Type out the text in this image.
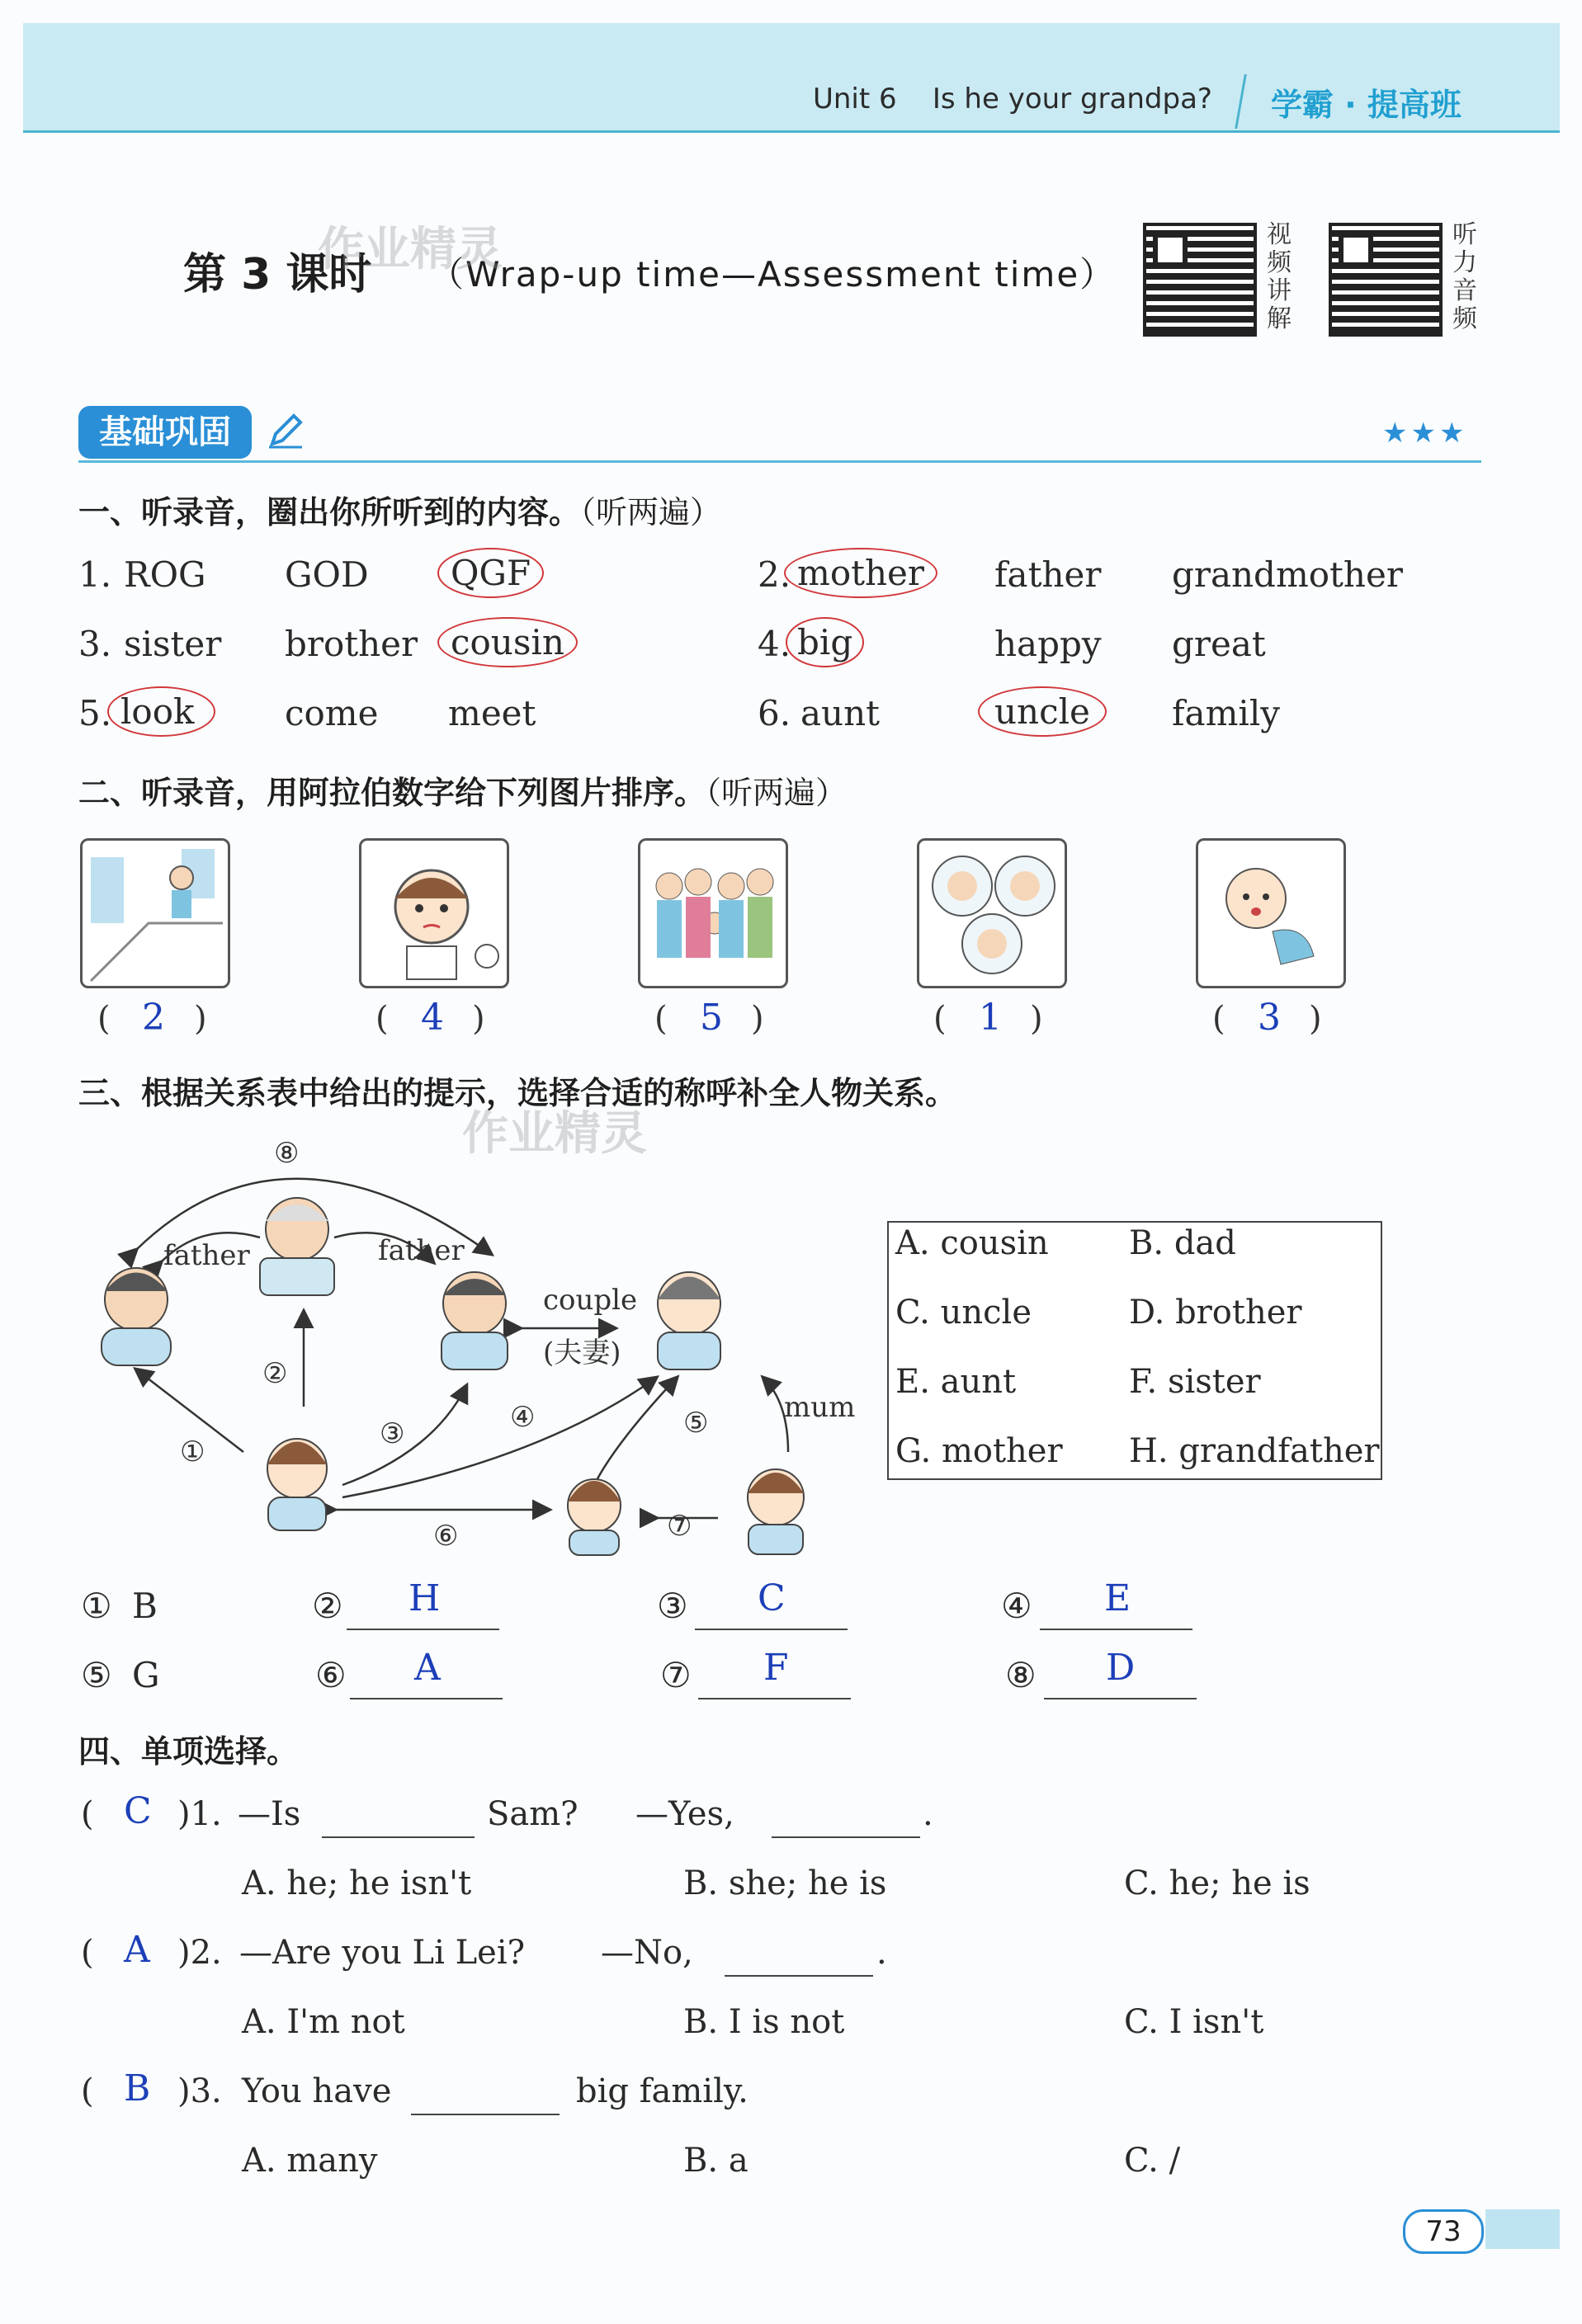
Unit 6    Is he your grandpa? 学霸 · 提高班
第 3 课时 （Wrap-up time—Assessment time）
作业精灵	视频讲解
听力音频
基础巩固	★★★
一、听录音，圈出你所听到的内容。（听两遍）
1. ROG GOD	QGF	2. mother	father grandmother
3. sister brother cousin	4. big	happy great
5. look	come meet	6. aunt	uncle	family
二、听录音，用阿拉伯数字给下列图片排序。（听两遍）
( 2 )	( 4 )	( 5 )	( 1 )	( 3 )
三、根据关系表中给出的提示，选择合适的称呼补全人物关系。
作业精灵
father	father
couple
(夫妻)
mum
⑧
②
①
③	④	⑤
⑥	⑦
A. cousin B. dad
C. uncle	D. brother
E. aunt	F. sister
G. mother H. grandfather
① B	② H	③ C	④ E
⑤ G	⑥ A	⑦ F	⑧ D
四、单项选择。
( C )1. —Is	Sam? —Yes,	.
A. he; he isn't	B. she; he is	C. he; he is
( A )2. —Are you Li Lei? —No,	.
A. I'm not	B. I is not	C. I isn't
( B )3. You have	big family.
A. many	B. a	C. /
73
